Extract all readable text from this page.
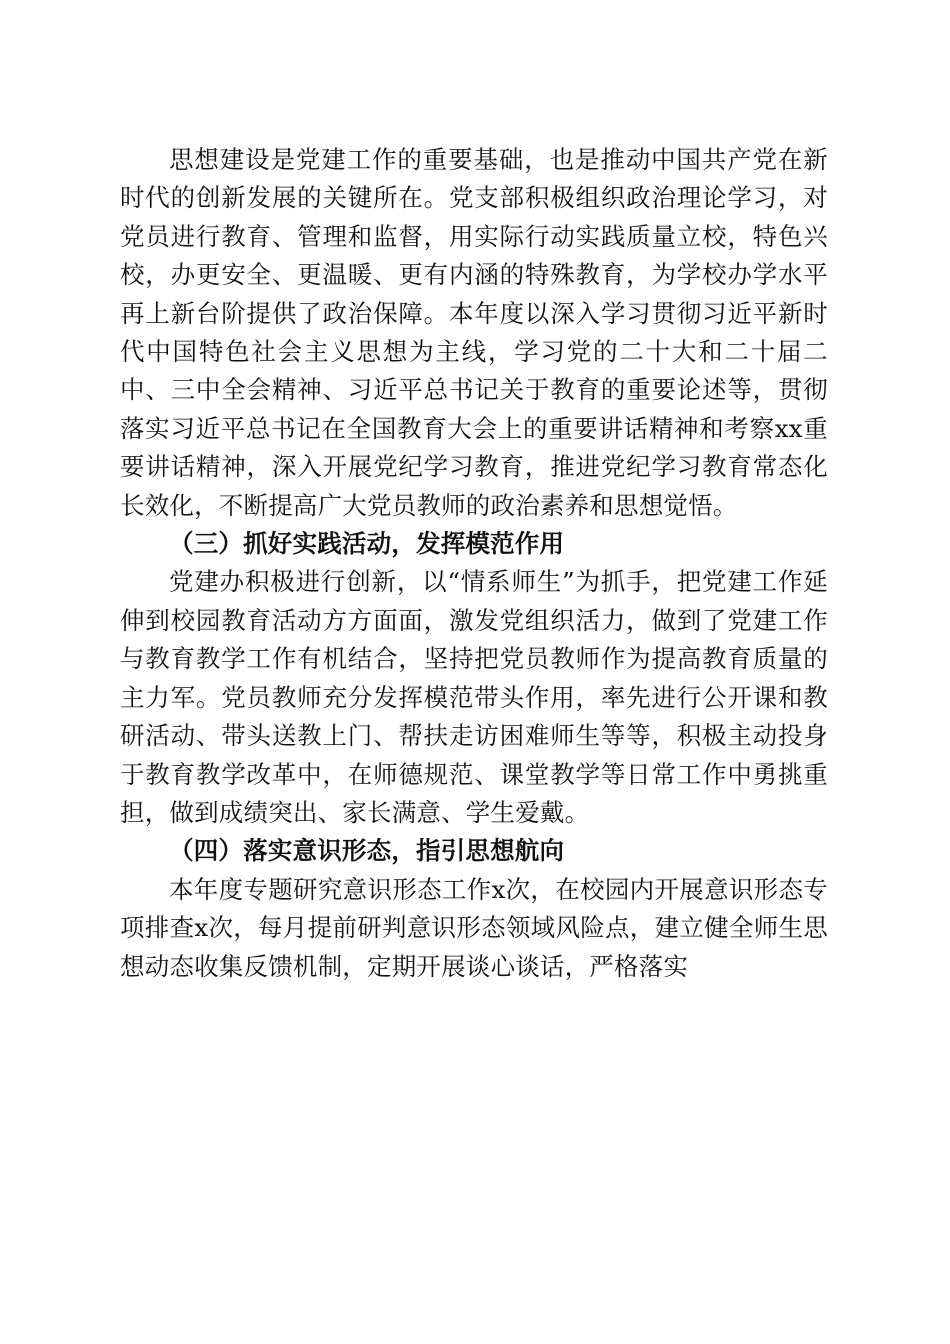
思想建设是党建工作的重要基础，也是推动中国共产党在新时代的创新发展的关键所在。党支部积极组织政治理论学习，对党员进行教育、管理和监督，用实际行动实践质量立校，特色兴校，办更安全、更温暖、更有内涵的特殊教育，为学校办学水平再上新台阶提供了政治保障。本年度以深入学习贯彻习近平新时代中国特色社会主义思想为主线，学习党的二十大和二十届二中、三中全会精神、习近平总书记关于教育的重要论述等，贯彻落实习近平总书记在全国教育大会上的重要讲话精神和考察xx重要讲话精神，深入开展党纪学习教育，推进党纪学习教育常态化长效化，不断提高广大党员教师的政治素养和思想觉悟。

（三）抓好实践活动，发挥模范作用

党建办积极进行创新，以“情系师生”为抓手，把党建工作延伸到校园教育活动方方面面，激发党组织活力，做到了党建工作与教育教学工作有机结合，坚持把党员教师作为提高教育质量的主力军。党员教师充分发挥模范带头作用，率先进行公开课和教研活动、带头送教上门、帮扶走访困难师生等等，积极主动投身于教育教学改革中，在师德规范、课堂教学等日常工作中勇挑重担，做到成绩突出、家长满意、学生爱戴。

（四）落实意识形态，指引思想航向

本年度专题研究意识形态工作x次，在校园内开展意识形态专项排查x次，每月提前研判意识形态领域风险点，建立健全师生思想动态收集反馈机制，定期开展谈心谈话，严格落实
